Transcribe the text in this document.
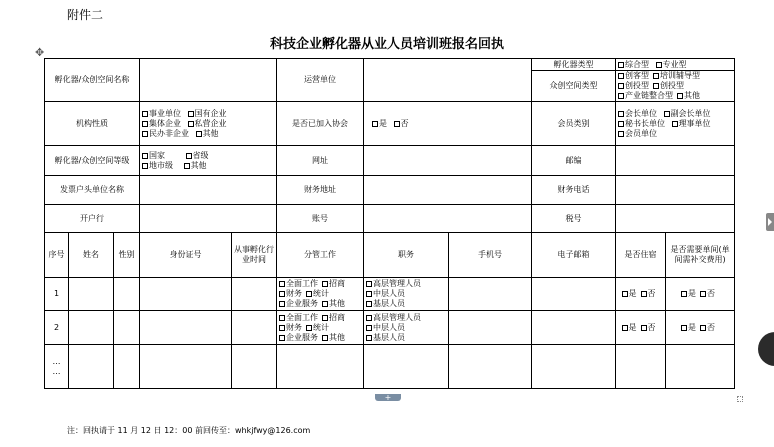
附件二
✥
科技企业孵化器从业人员培训班报名回执
孵化器/众创空间名称					运营单位			孵化器类型	综合型 专业型	
								众创空间类型	创客型 培训辅导型创投型 创投型产业链整合型 其他	
机构性质			事业单位 国有企业
集体企业 私营企业
民办非企业 其他		是否已加入协会	是 否		会员类别	会长单位 副会长单位
秘书长单位 理事单位
会员单位	
孵化器/众创空间等级			国家 省级
地市级 其他		网址			邮编		
发票户头单位名称					财务地址			财务电话		
开户行					账号			税号		
序号	姓名	性别	身份证号	从事孵化行业时间	分管工作	职务	手机号	电子邮箱	是否住宿	是否需要单间(单间需补交费用)
1					全面工作 招商
财务 统计
企业服务 其他	高层管理人员
中层人员
基层人员			是 否	是 否
2					全面工作 招商
财务 统计
企业服务 其他	高层管理人员
中层人员
基层人员			是 否	是 否
…
…										
+
注：回执请于 11 月 12 日 12：00 前回传至：whkjfwy@126.com
